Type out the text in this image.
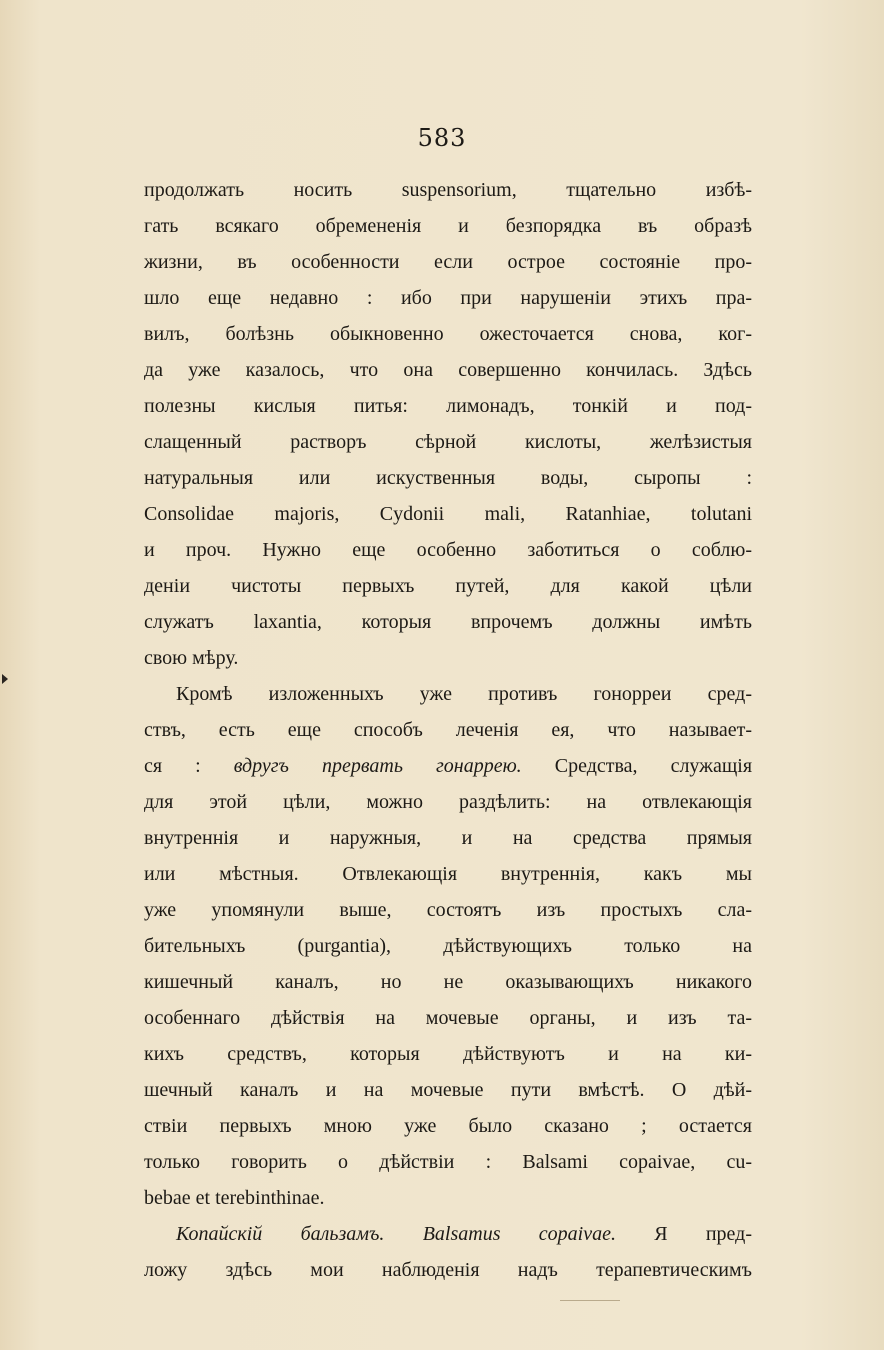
583
продолжать носить suspensorium, тщательно избѣ-
гать всякаго обремененія и безпорядка въ образѣ
жизни, въ особенности если острое состояніе про-
шло еще недавно : ибо при нарушеніи этихъ пра-
вилъ, болѣзнь обыкновенно ожесточается снова, ког-
да уже казалось, что она совершенно кончилась. Здѣсь
полезны кислыя питья: лимонадъ, тонкій и под-
слащенный растворъ сѣрной кислоты, желѣзистыя
натуральныя или искуственныя воды, сыропы :
Consolidae majoris, Cydonii mali, Ratanhiae, tolutani
и проч. Нужно еще особенно заботиться о соблю-
деніи чистоты первыхъ путей, для какой цѣли
служатъ laxantia, которыя впрочемъ должны имѣть
свою мѣру.
Кромѣ изложенныхъ уже противъ гонорреи сред-
ствъ, есть еще способъ леченія ея, что называет-
ся : вдругъ прервать гонаррею. Средства, служащія
для этой цѣли, можно раздѣлить: на отвлекающія
внутреннія и наружныя, и на средства прямыя
или мѣстныя. Отвлекающія внутреннія, какъ мы
уже упомянули выше, состоятъ изъ простыхъ сла-
бительныхъ (purgantia), дѣйствующихъ только на
кишечный каналъ, но не оказывающихъ никакого
особеннаго дѣйствія на мочевые органы, и изъ та-
кихъ средствъ, которыя дѣйствуютъ и на ки-
шечный каналъ и на мочевые пути вмѣстѣ. О дѣй-
ствіи первыхъ мною уже было сказано ; остается
только говорить о дѣйствіи : Balsami copaivae, cu-
bebae et terebinthinae.
Копайскій бальзамъ. Balsamus copaivae. Я пред-
ложу здѣсь мои наблюденія надъ терапевтическимъ
